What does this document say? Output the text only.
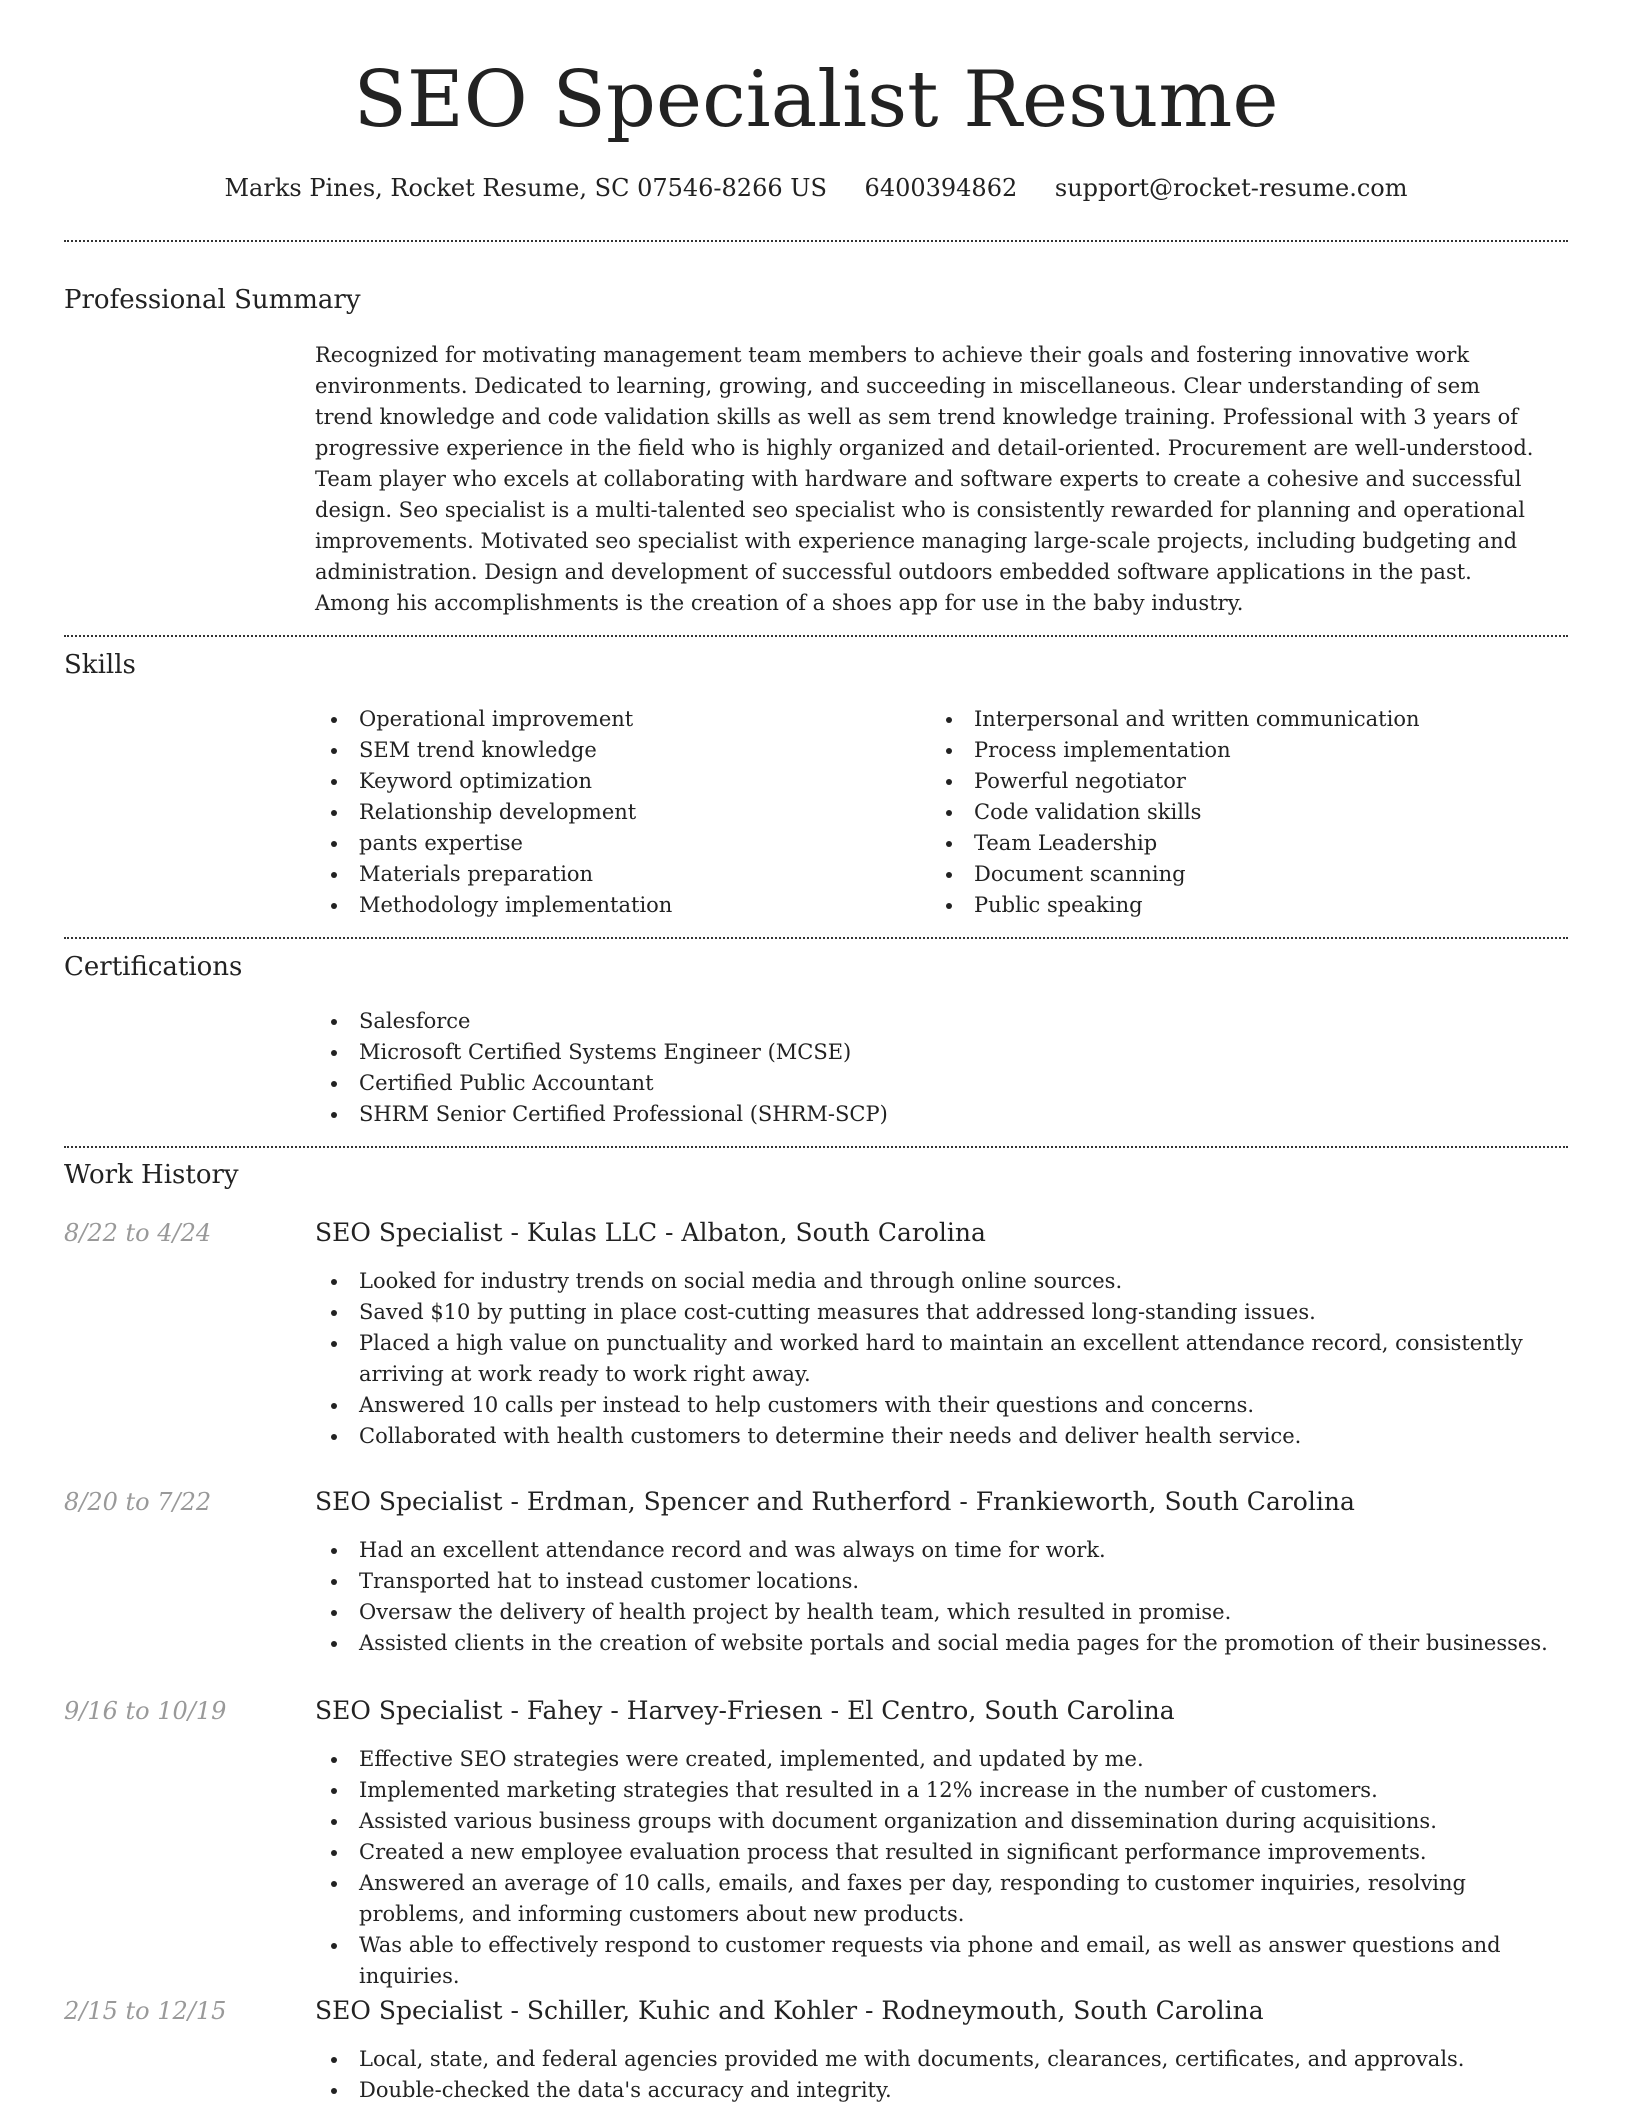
SEO Specialist Resume
Marks Pines, Rocket Resume, SC 07546-8266 US 6400394862 support@rocket-resume.com
Professional Summary

Recognized for motivating management team members to achieve their goals and fostering innovative work environments. Dedicated to learning, growing, and succeeding in miscellaneous. Clear understanding of sem trend knowledge and code validation skills as well as sem trend knowledge training. Professional with 3 years of progressive experience in the field who is highly organized and detail-oriented. Procurement are well-understood. Team player who excels at collaborating with hardware and software experts to create a cohesive and successful design. Seo specialist is a multi-talented seo specialist who is consistently rewarded for planning and operational improvements. Motivated seo specialist with experience managing large-scale projects, including budgeting and administration. Design and development of successful outdoors embedded software applications in the past. Among his accomplishments is the creation of a shoes app for use in the baby industry.

Skills
Operational improvement
SEM trend knowledge
Keyword optimization
Relationship development
pants expertise
Materials preparation
Methodology implementation
Interpersonal and written communication
Process implementation
Powerful negotiator
Code validation skills
Team Leadership
Document scanning
Public speaking
Certifications
Salesforce
Microsoft Certified Systems Engineer (MCSE)
Certified Public Accountant
SHRM Senior Certified Professional (SHRM-SCP)
Work History
8/22 to 4/24	SEO Specialist - Kulas LLC - Albaton, South Carolina
Looked for industry trends on social media and through online sources.
Saved $10 by putting in place cost-cutting measures that addressed long-standing issues.
Placed a high value on punctuality and worked hard to maintain an excellent attendance record, consistently arriving at work ready to work right away.
Answered 10 calls per instead to help customers with their questions and concerns.
Collaborated with health customers to determine their needs and deliver health service.
8/20 to 7/22	SEO Specialist - Erdman, Spencer and Rutherford - Frankieworth, South Carolina
Had an excellent attendance record and was always on time for work.
Transported hat to instead customer locations.
Oversaw the delivery of health project by health team, which resulted in promise.
Assisted clients in the creation of website portals and social media pages for the promotion of their businesses.
9/16 to 10/19	SEO Specialist - Fahey - Harvey-Friesen - El Centro, South Carolina
Effective SEO strategies were created, implemented, and updated by me.
Implemented marketing strategies that resulted in a 12% increase in the number of customers.
Assisted various business groups with document organization and dissemination during acquisitions.
Created a new employee evaluation process that resulted in significant performance improvements.
Answered an average of 10 calls, emails, and faxes per day, responding to customer inquiries, resolving problems, and informing customers about new products.
Was able to effectively respond to customer requests via phone and email, as well as answer questions and inquiries.
2/15 to 12/15	SEO Specialist - Schiller, Kuhic and Kohler - Rodneymouth, South Carolina
Local, state, and federal agencies provided me with documents, clearances, certificates, and approvals.
Double-checked the data's accuracy and integrity.
